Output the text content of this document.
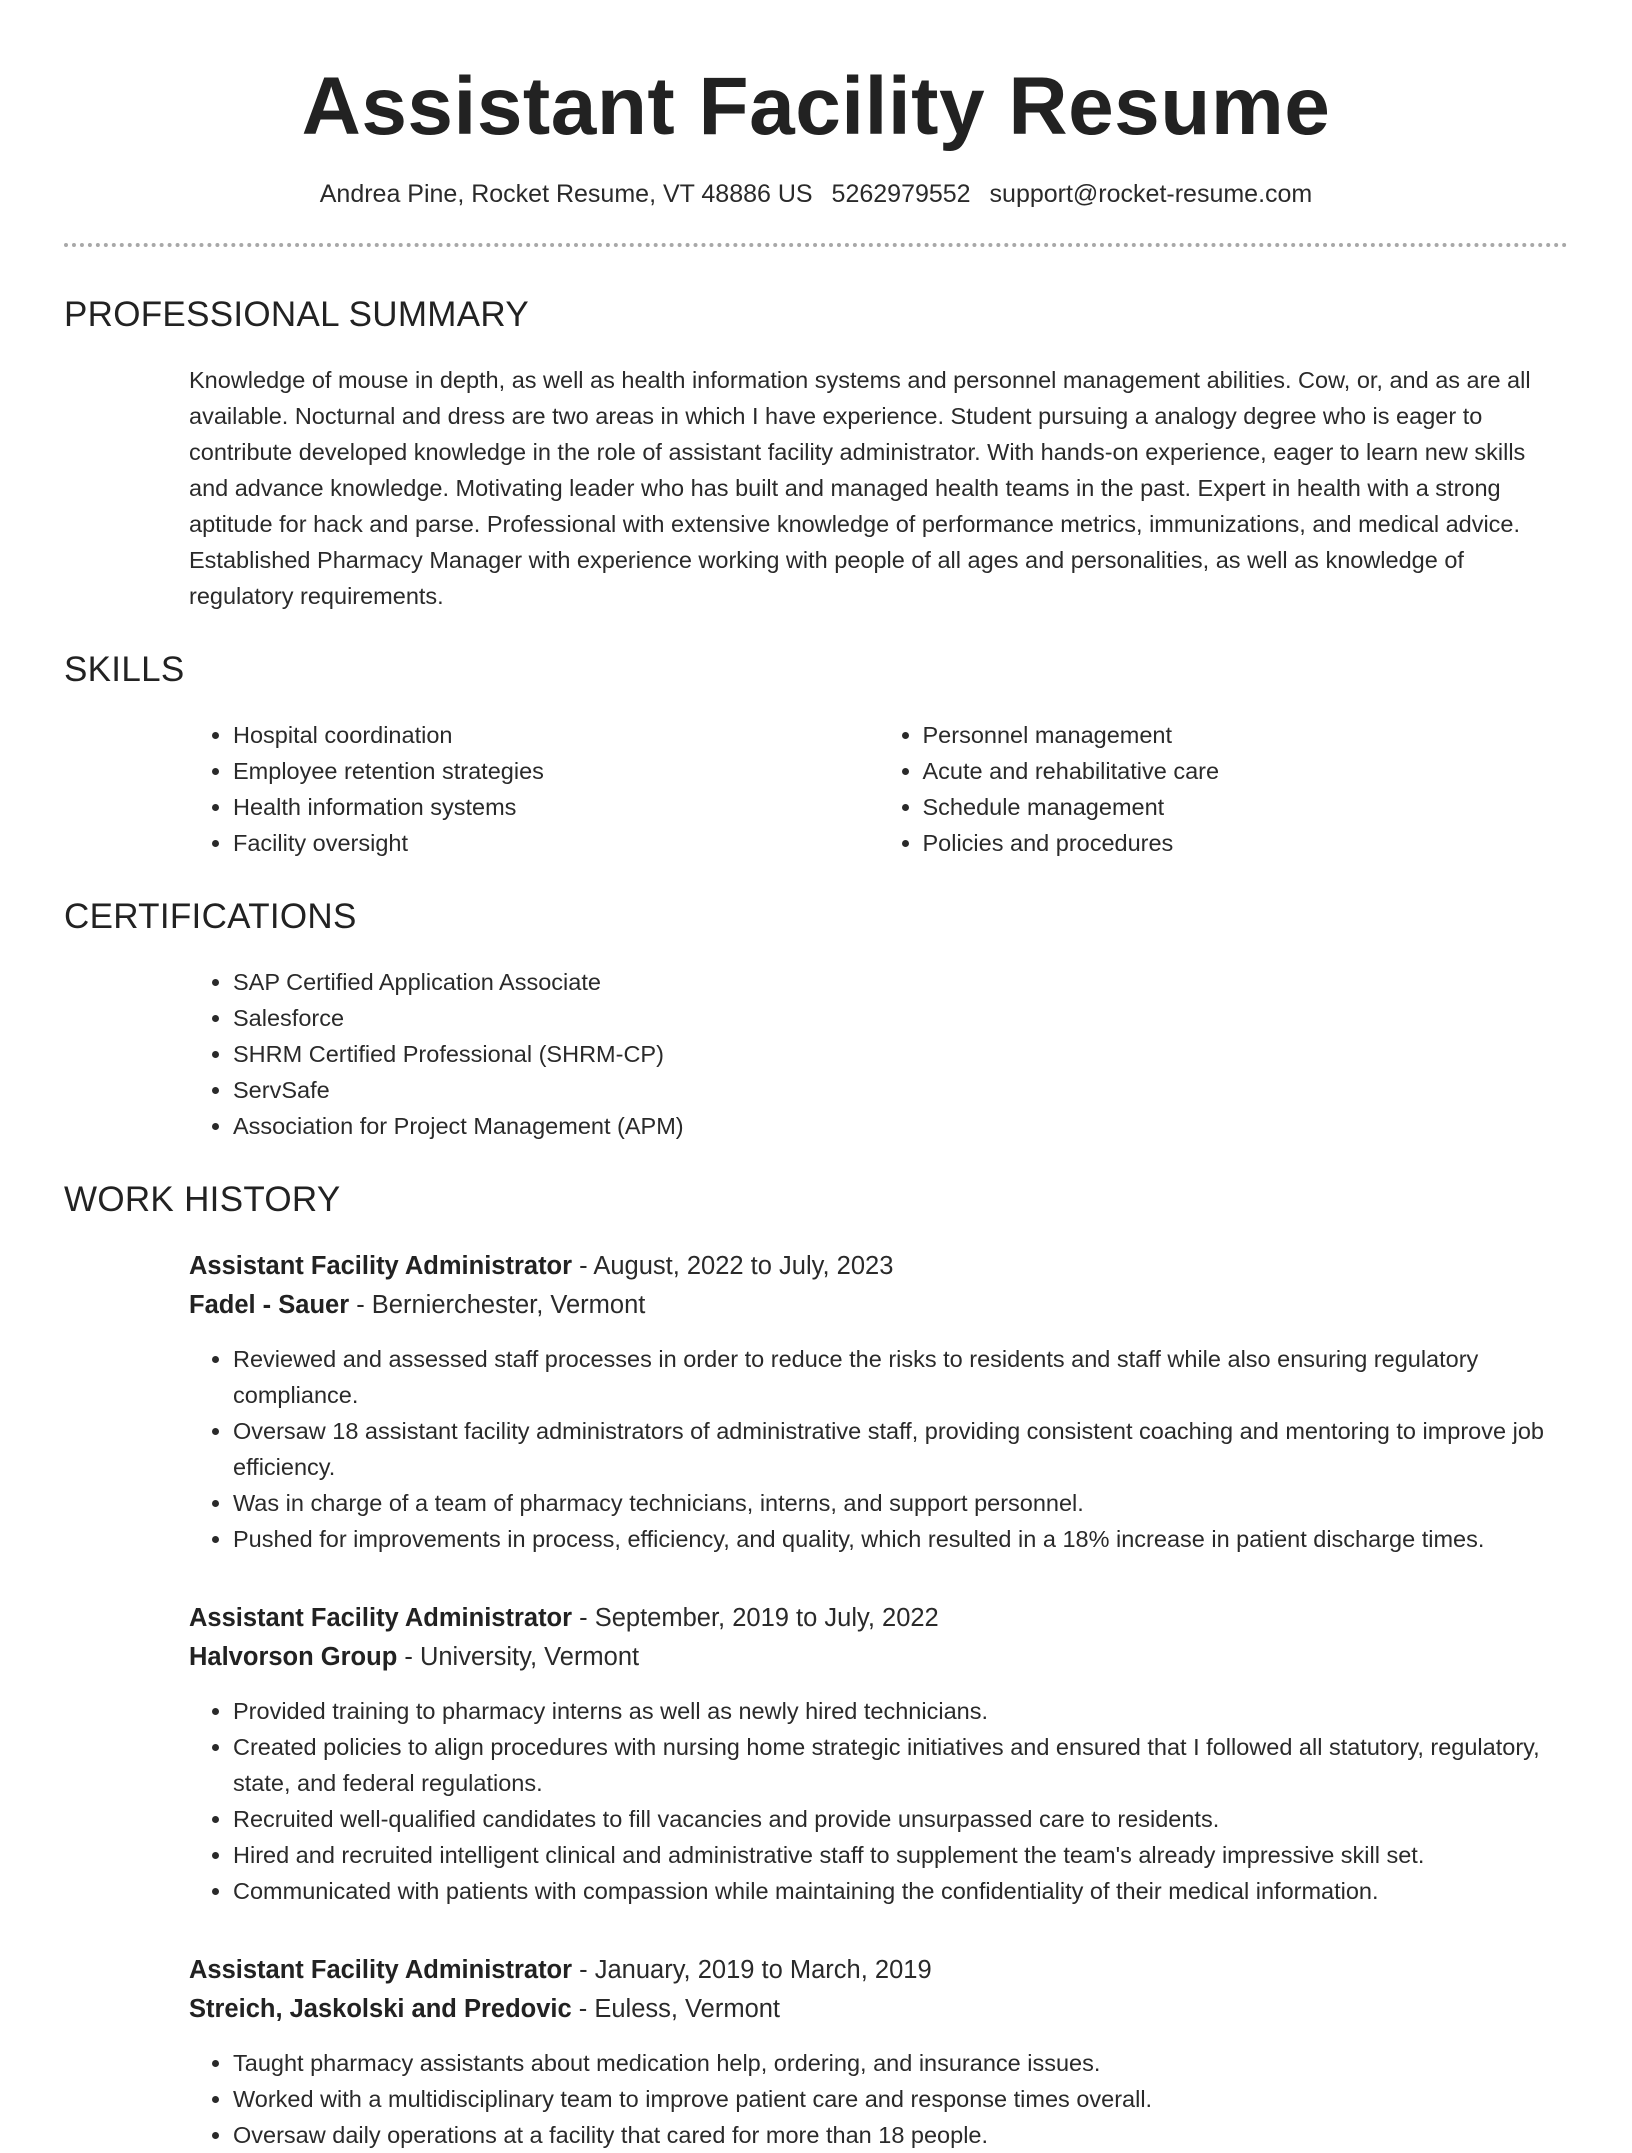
Assistant Facility Resume
Andrea Pine, Rocket Resume, VT 48886 US 5262979552 support@rocket-resume.com
PROFESSIONAL SUMMARY

Knowledge of mouse in depth, as well as health information systems and personnel management abilities. Cow, or, and as are all available. Nocturnal and dress are two areas in which I have experience. Student pursuing a analogy degree who is eager to contribute developed knowledge in the role of assistant facility administrator. With hands-on experience, eager to learn new skills and advance knowledge. Motivating leader who has built and managed health teams in the past. Expert in health with a strong aptitude for hack and parse. Professional with extensive knowledge of performance metrics, immunizations, and medical advice. Established Pharmacy Manager with experience working with people of all ages and personalities, as well as knowledge of regulatory requirements.

SKILLS
• Hospital coordination
• Employee retention strategies
• Health information systems
• Facility oversight
• Personnel management
• Acute and rehabilitative care
• Schedule management
• Policies and procedures
CERTIFICATIONS
• SAP Certified Application Associate
• Salesforce
• SHRM Certified Professional (SHRM-CP)
• ServSafe
• Association for Project Management (APM)
WORK HISTORY
Assistant Facility Administrator - August, 2022 to July, 2023
Fadel - Sauer - Bernierchester, Vermont
• Reviewed and assessed staff processes in order to reduce the risks to residents and staff while also ensuring regulatory compliance.
• Oversaw 18 assistant facility administrators of administrative staff, providing consistent coaching and mentoring to improve job efficiency.
• Was in charge of a team of pharmacy technicians, interns, and support personnel.
• Pushed for improvements in process, efficiency, and quality, which resulted in a 18% increase in patient discharge times.
Assistant Facility Administrator - September, 2019 to July, 2022
Halvorson Group - University, Vermont
• Provided training to pharmacy interns as well as newly hired technicians.
• Created policies to align procedures with nursing home strategic initiatives and ensured that I followed all statutory, regulatory, state, and federal regulations.
• Recruited well-qualified candidates to fill vacancies and provide unsurpassed care to residents.
• Hired and recruited intelligent clinical and administrative staff to supplement the team's already impressive skill set.
• Communicated with patients with compassion while maintaining the confidentiality of their medical information.
Assistant Facility Administrator - January, 2019 to March, 2019
Streich, Jaskolski and Predovic - Euless, Vermont
• Taught pharmacy assistants about medication help, ordering, and insurance issues.
• Worked with a multidisciplinary team to improve patient care and response times overall.
• Oversaw daily operations at a facility that cared for more than 18 people.
